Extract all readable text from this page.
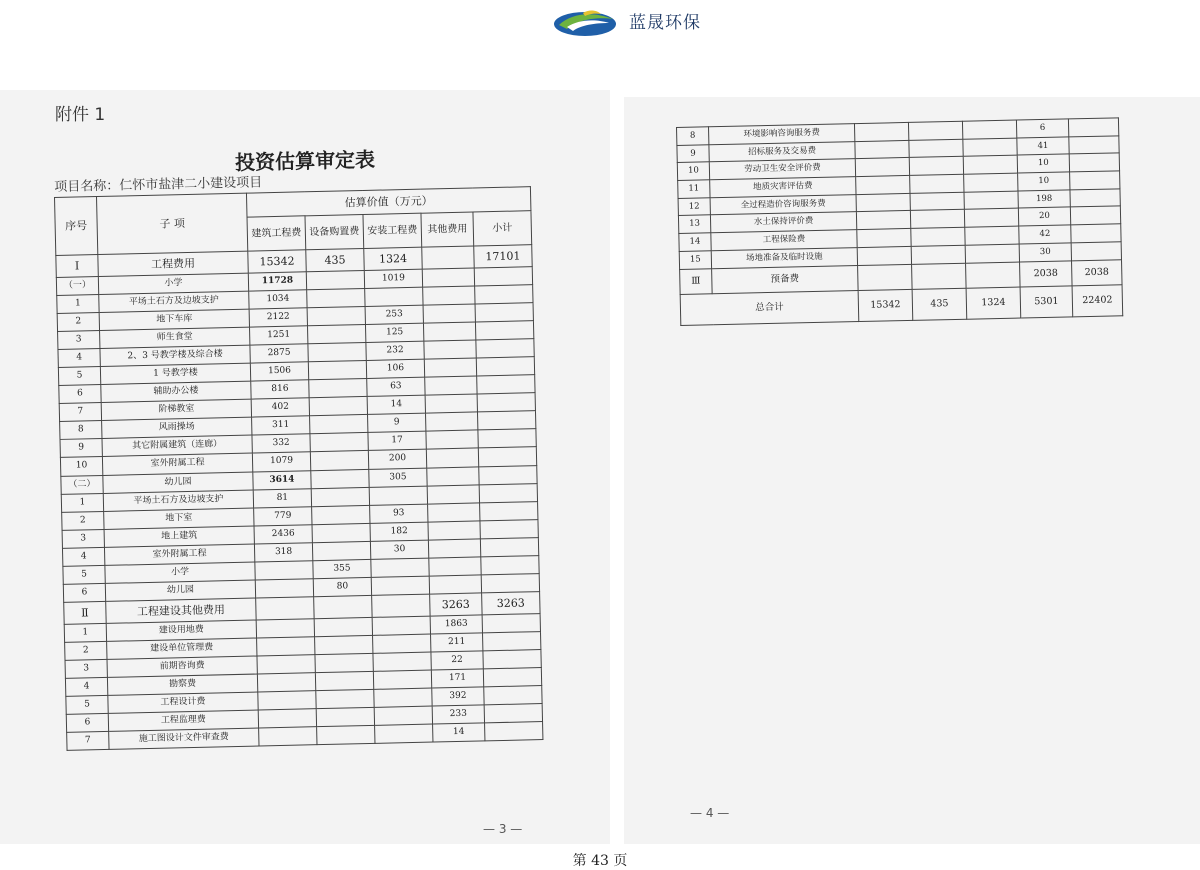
蓝晟环保
附件 1
投资估算审定表
项目名称：仁怀市盐津二小建设项目
序号	子 项	估算价值（万元）				
		建筑工程费	设备购置费	安装工程费	其他费用	小计
Ⅰ	工程费用	15342	435	1324		17101
（一）	小学	11728		1019		
1	平场土石方及边坡支护	1034				
2	地下车库	2122		253		
3	师生食堂	1251		125		
4	2、3 号教学楼及综合楼	2875		232		
5	1 号教学楼	1506		106		
6	辅助办公楼	816		63		
7	阶梯教室	402		14		
8	风雨操场	311		9		
9	其它附属建筑（连廊）	332		17		
10	室外附属工程	1079		200		
（二）	幼儿园	3614		305		
1	平场土石方及边坡支护	81				
2	地下室	779		93		
3	地上建筑	2436		182		
4	室外附属工程	318		30		
5	小学		355			
6	幼儿园		80			
Ⅱ	工程建设其他费用				3263	3263
1	建设用地费				1863	
2	建设单位管理费				211	
3	前期咨询费				22	
4	勘察费				171	
5	工程设计费				392	
6	工程监理费				233	
7	施工图设计文件审查费				14	
— 3 —
8	环境影响咨询服务费				6	
9	招标服务及交易费				41	
10	劳动卫生安全评价费				10	
11	地质灾害评估费				10	
12	全过程造价咨询服务费				198	
13	水土保持评价费				20	
14	工程保险费				42	
15	场地准备及临时设施				30	
Ⅲ	预备费				2038	2038
总合计		15342	435	1324	5301	22402
— 4 —
第 43 页
